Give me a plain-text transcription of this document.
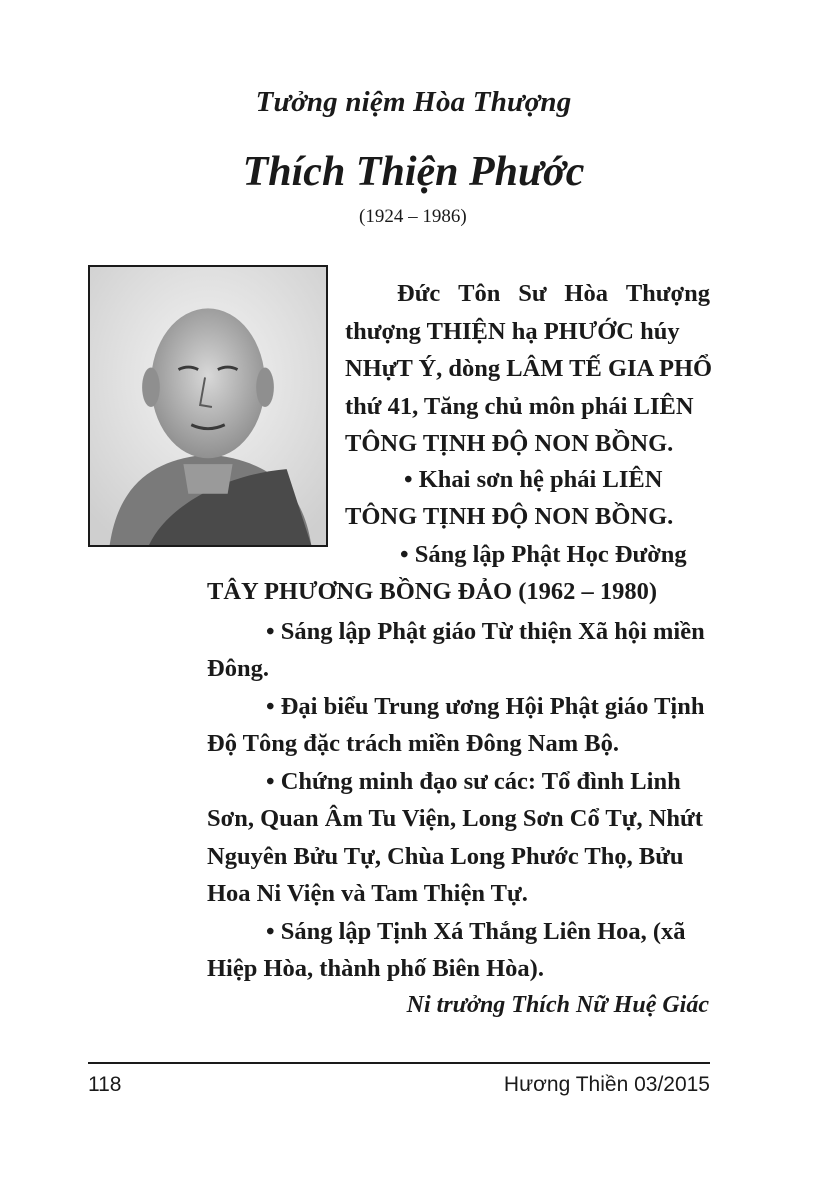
Tưởng niệm Hòa Thượng
Thích Thiện Phước
(1924 – 1986)
Đức Tôn Sư Hòa Thượng
thượng THIỆN hạ PHƯỚC húy
NHựT Ý, dòng LÂM TẾ GIA PHỔ
thứ 41, Tăng chủ môn phái LIÊN
TÔNG TỊNH ĐỘ NON BỒNG.
• Khai sơn hệ phái LIÊN
TÔNG TỊNH ĐỘ NON BỒNG.
• Sáng lập Phật Học Đường
TÂY PHƯƠNG BỒNG ĐẢO (1962 – 1980)
• Sáng lập Phật giáo Từ thiện Xã hội miền
Đông.
• Đại biểu Trung ương Hội Phật giáo Tịnh
Độ Tông đặc trách miền Đông Nam Bộ.
• Chứng minh đạo sư các: Tổ đình Linh
Sơn, Quan Âm Tu Viện, Long Sơn Cổ Tự, Nhứt
Nguyên Bửu Tự, Chùa Long Phước Thọ, Bửu
Hoa Ni Viện và Tam Thiện Tự.
• Sáng lập Tịnh Xá Thắng Liên Hoa, (xã
Hiệp Hòa, thành phố Biên Hòa).
Ni trưởng Thích Nữ Huệ Giác
118	Hương Thiền 03/2015
